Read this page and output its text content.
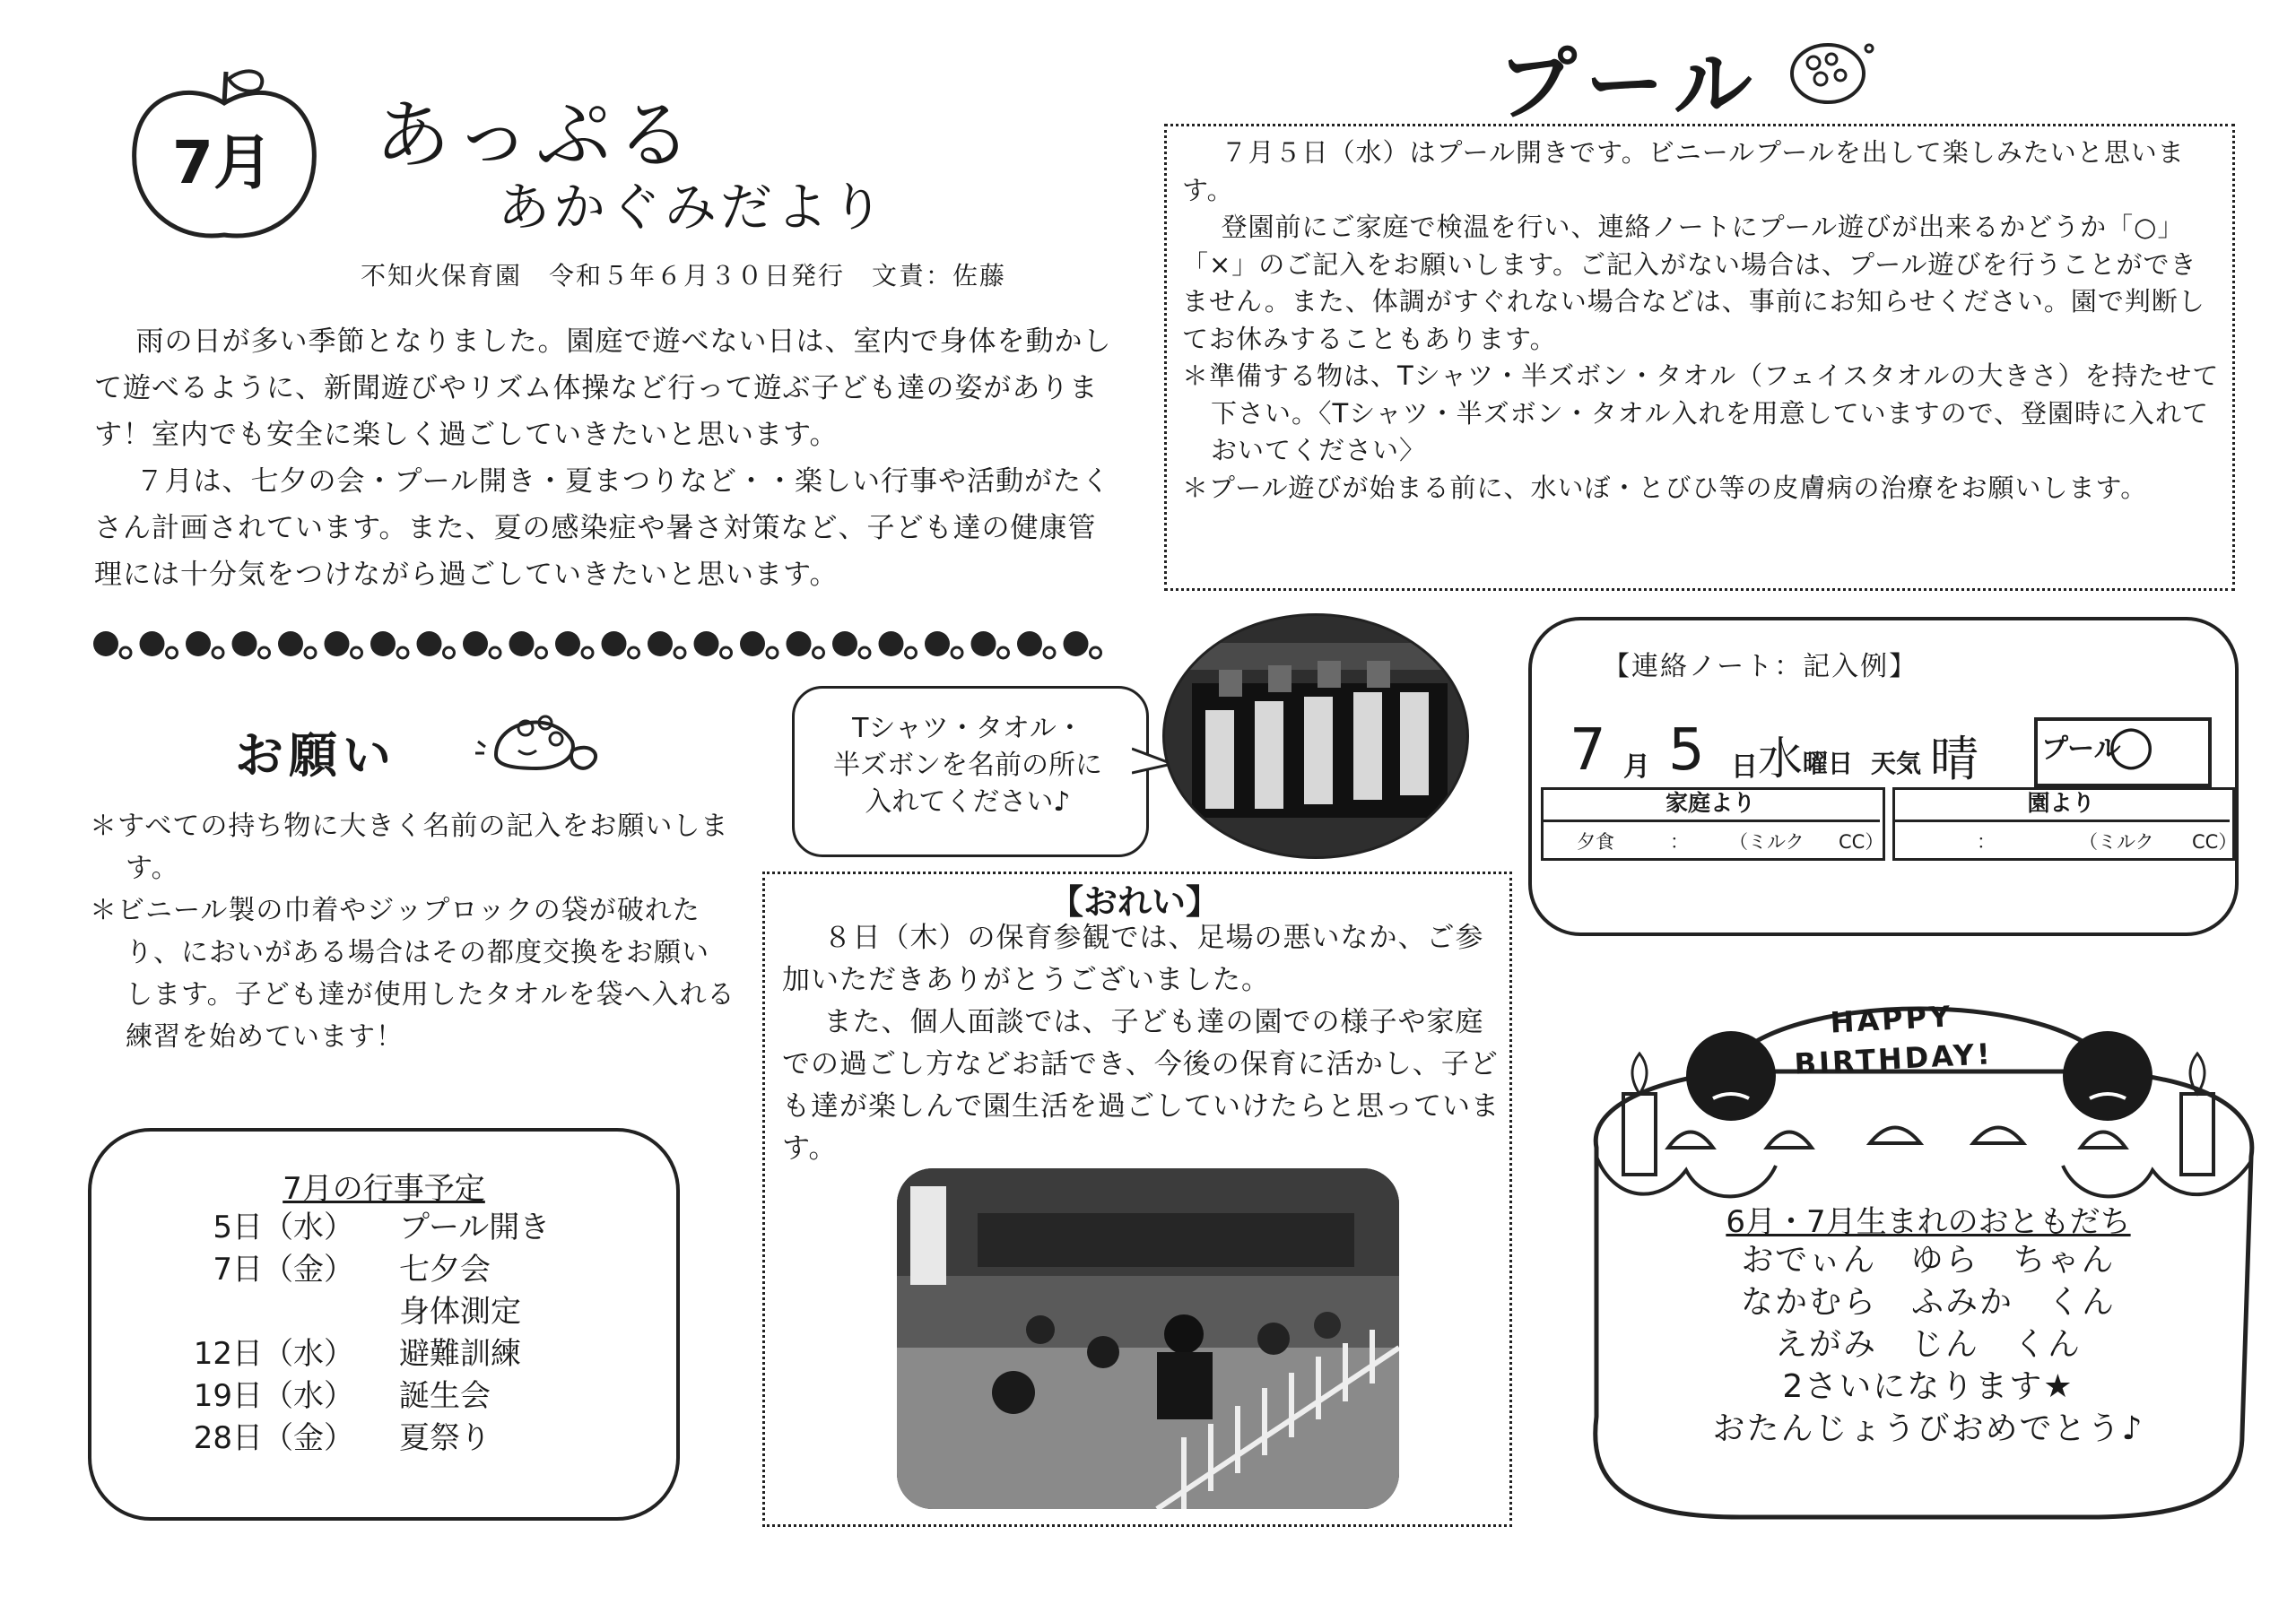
7月	あっぷる
あかぐみだより
不知火保育園　令和５年６月３０日発行　文責：佐藤

雨の日が多い季節となりました。園庭で遊べない日は、室内で身体を動かして遊べるように、新聞遊びやリズム体操など行って遊ぶ子ども達の姿があります！室内でも安全に楽しく過ごしていきたいと思います。

７月は、七夕の会・プール開き・夏まつりなど・・楽しい行事や活動がたくさん計画されています。また、夏の感染症や暑さ対策など、子ども達の健康管理には十分気をつけながら過ごしていきたいと思います。

お願い
＊すべての持ち物に大きく名前の記入をお願いします。
＊ビニール製の巾着やジップロックの袋が破れたり、においがある場合はその都度交換をお願いします。子ども達が使用したタオルを袋へ入れる練習を始めています！
7月の行事予定
5日（水）	プール開き
7日（金）	七夕会
身体測定
12日（水）	避難訓練
19日（水）	誕生会
28日（金）	夏祭り
Tシャツ・タオル・
半ズボンを名前の所に
入れてください♪
【おれい】

８日（木）の保育参観では、足場の悪いなか、ご参加いただきありがとうございました。

また、個人面談では、子ども達の園での様子や家庭での過ごし方などお話でき、今後の保育に活かし、子ども達が楽しんで園生活を過ごしていけたらと思っています。

プール

７月５日（水）はプール開きです。ビニールプールを出して楽しみたいと思います。

登園前にご家庭で検温を行い、連絡ノートにプール遊びが出来るかどうか「○」「×」のご記入をお願いします。ご記入がない場合は、プール遊びを行うことができません。また、体調がすぐれない場合などは、事前にお知らせください。園で判断してお休みすることもあります。

＊準備する物は、Tシャツ・半ズボン・タオル（フェイスタオルの大きさ）を持たせて下さい。〈Tシャツ・半ズボン・タオル入れを用意していますので、登園時に入れておいてください〉
＊プール遊びが始まる前に、水いぼ・とびひ等の皮膚病の治療をお願いします。
【連絡ノート：記入例】
7 月 5 日 水 曜日 天気 晴 プール
○
家庭より
夕食	： （ミルク CC）
園より
：	（ミルク CC）
HAPPY
BIRTHDAY!
6月・7月生まれのおともだち
おでぃん　ゆら　ちゃん
なかむら　ふみか　くん
えがみ　じん　くん
2さいになります★
おたんじょうびおめでとう♪
